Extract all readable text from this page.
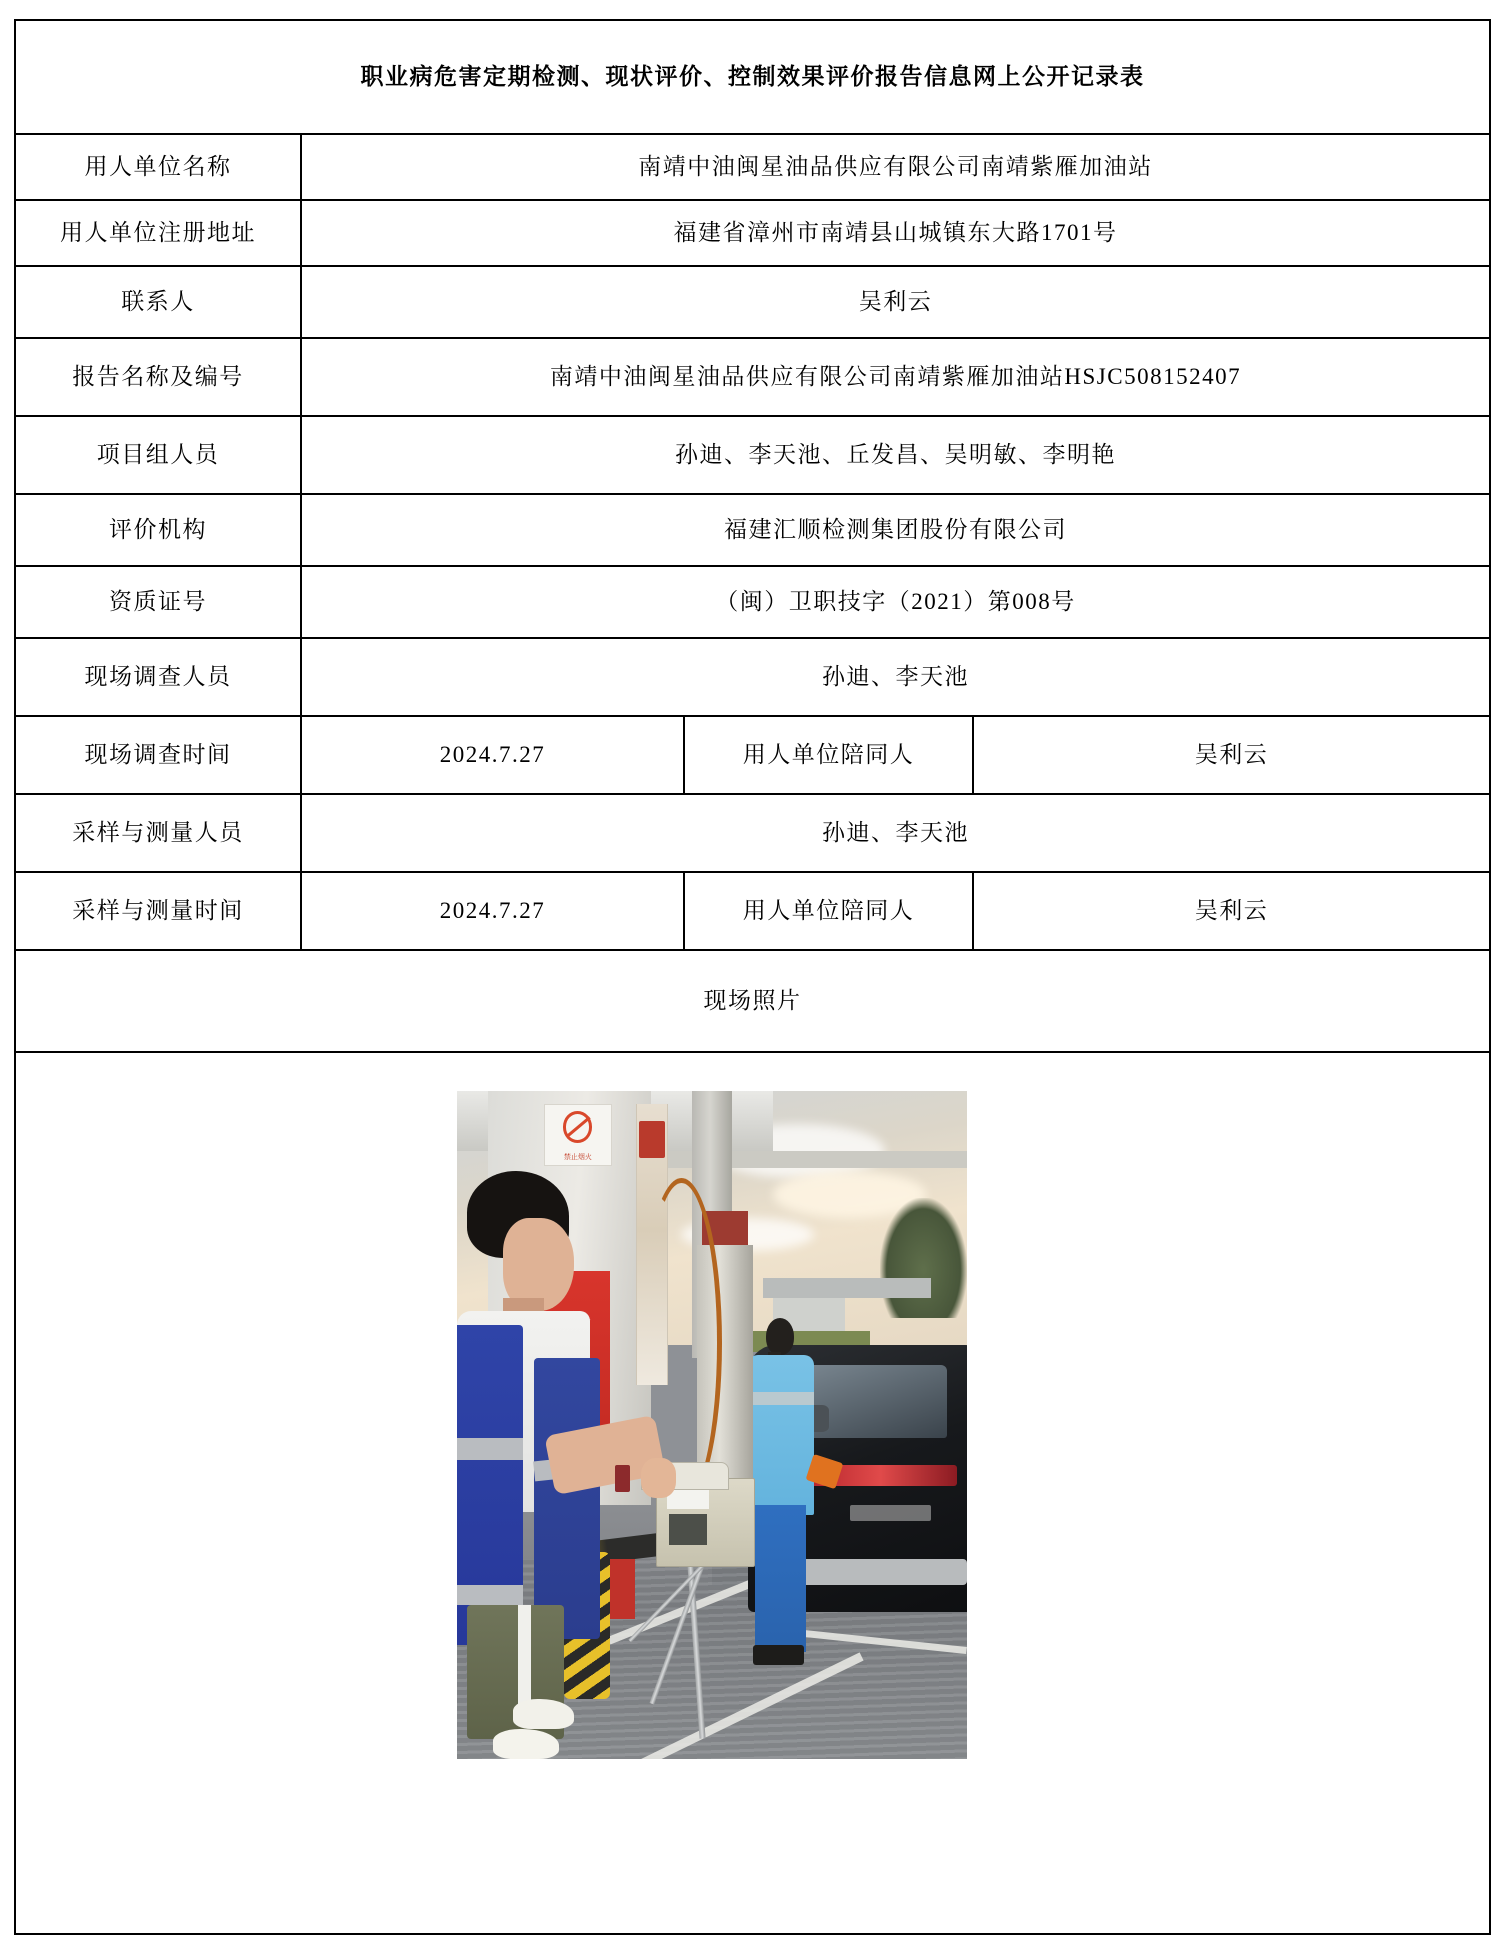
职业病危害定期检测、现状评价、控制效果评价报告信息网上公开记录表			
用人单位名称	南靖中油闽星油品供应有限公司南靖紫雁加油站		
用人单位注册地址	福建省漳州市南靖县山城镇东大路1701号		
联系人	吴利云		
报告名称及编号	南靖中油闽星油品供应有限公司南靖紫雁加油站HSJC508152407		
项目组人员	孙迪、李天池、丘发昌、吴明敏、李明艳		
评价机构	福建汇顺检测集团股份有限公司		
资质证号	（闽）卫职技字（2021）第008号		
现场调查人员	孙迪、李天池		
现场调查时间	2024.7.27	用人单位陪同人	吴利云
采样与测量人员	孙迪、李天池		
采样与测量时间	2024.7.27	用人单位陪同人	吴利云
现场照片			

禁止烟火			
